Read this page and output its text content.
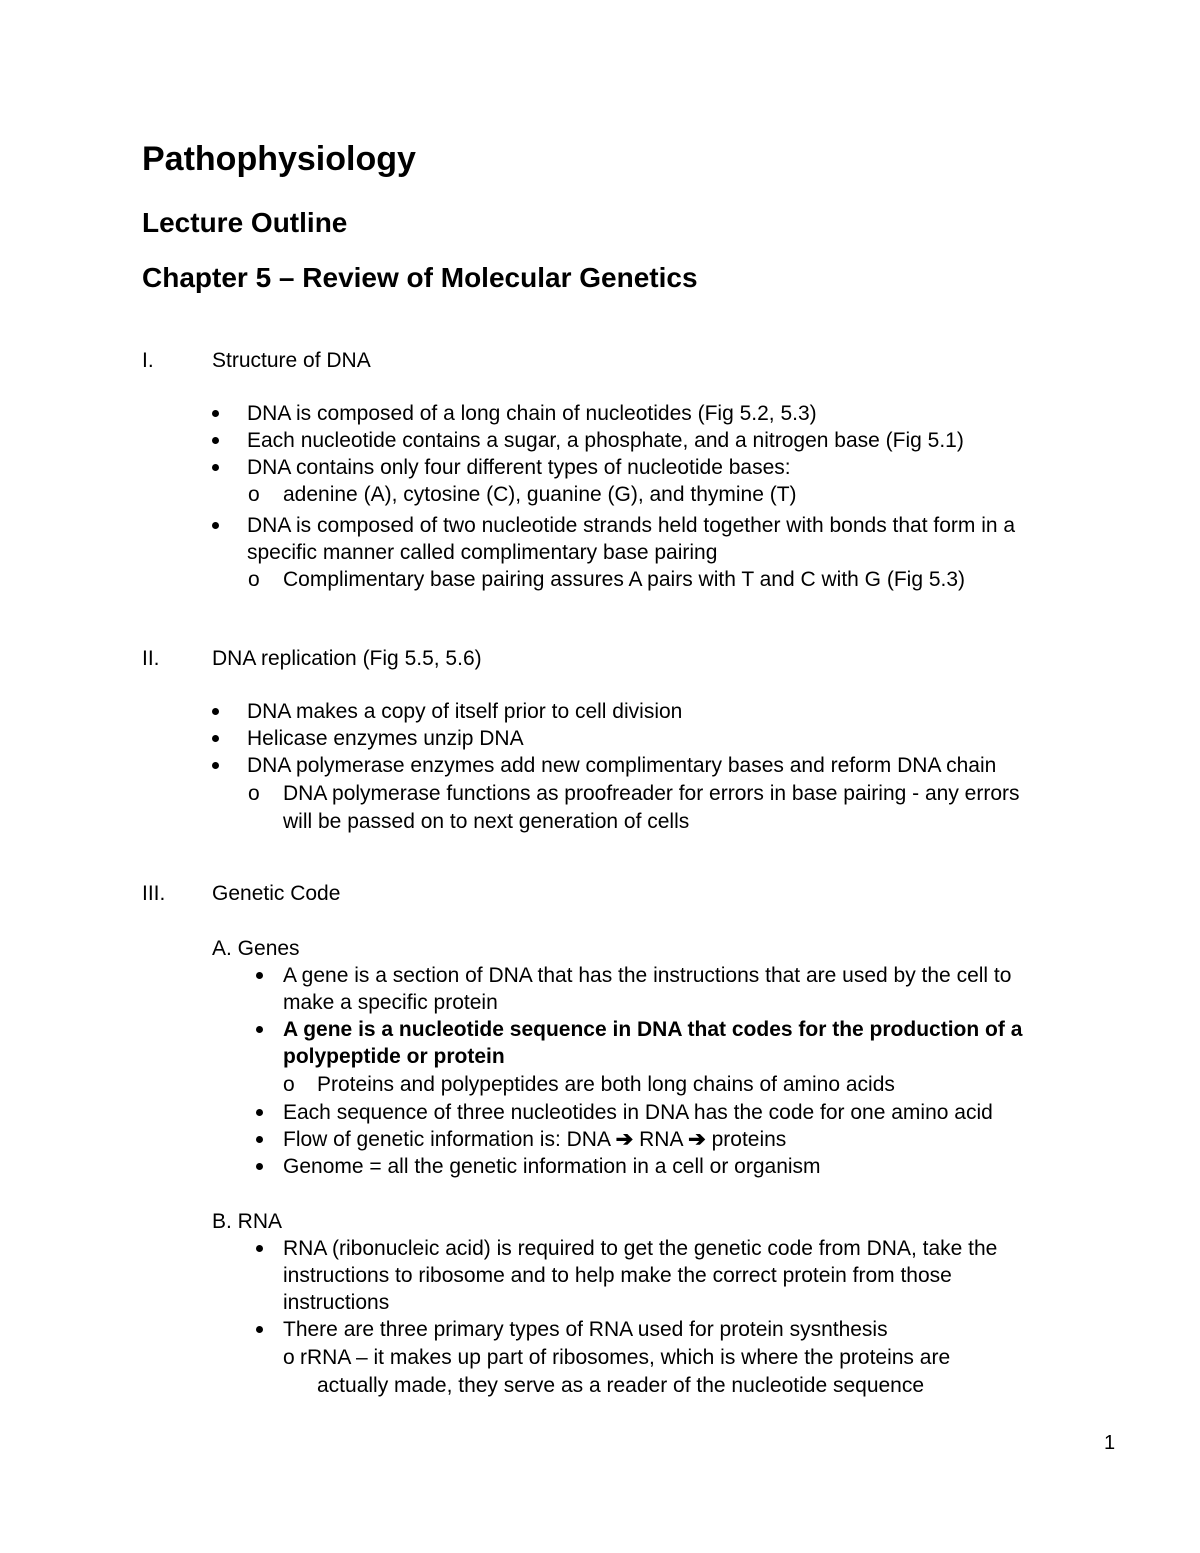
Pathophysiology
Lecture Outline
Chapter 5 – Review of Molecular Genetics
I.	Structure of DNA
DNA is composed of a long chain of nucleotides (Fig 5.2, 5.3)
Each nucleotide contains a sugar, a phosphate, and a nitrogen base (Fig 5.1)
DNA contains only four different types of nucleotide bases:
o adenine (A), cytosine (C), guanine (G), and thymine (T)
DNA is composed of two nucleotide strands held together with bonds that form in a
specific manner called complimentary base pairing
o Complimentary base pairing assures A pairs with T and C with G (Fig 5.3)
II. DNA replication (Fig 5.5, 5.6)
DNA makes a copy of itself prior to cell division
Helicase enzymes unzip DNA
DNA polymerase enzymes add new complimentary bases and reform DNA chain
o DNA polymerase functions as proofreader for errors in base pairing - any errors
will be passed on to next generation of cells
III. Genetic Code
A. Genes
A gene is a section of DNA that has the instructions that are used by the cell to
make a specific protein
A gene is a nucleotide sequence in DNA that codes for the production of a
polypeptide or protein
o Proteins and polypeptides are both long chains of amino acids
Each sequence of three nucleotides in DNA has the code for one amino acid
Flow of genetic information is: DNA ➔ RNA ➔ proteins
Genome = all the genetic information in a cell or organism
B. RNA
RNA (ribonucleic acid) is required to get the genetic code from DNA, take the
instructions to ribosome and to help make the correct protein from those
instructions
There are three primary types of RNA used for protein sysnthesis
o rRNA – it makes up part of ribosomes, which is where the proteins are
actually made, they serve as a reader of the nucleotide sequence
1
